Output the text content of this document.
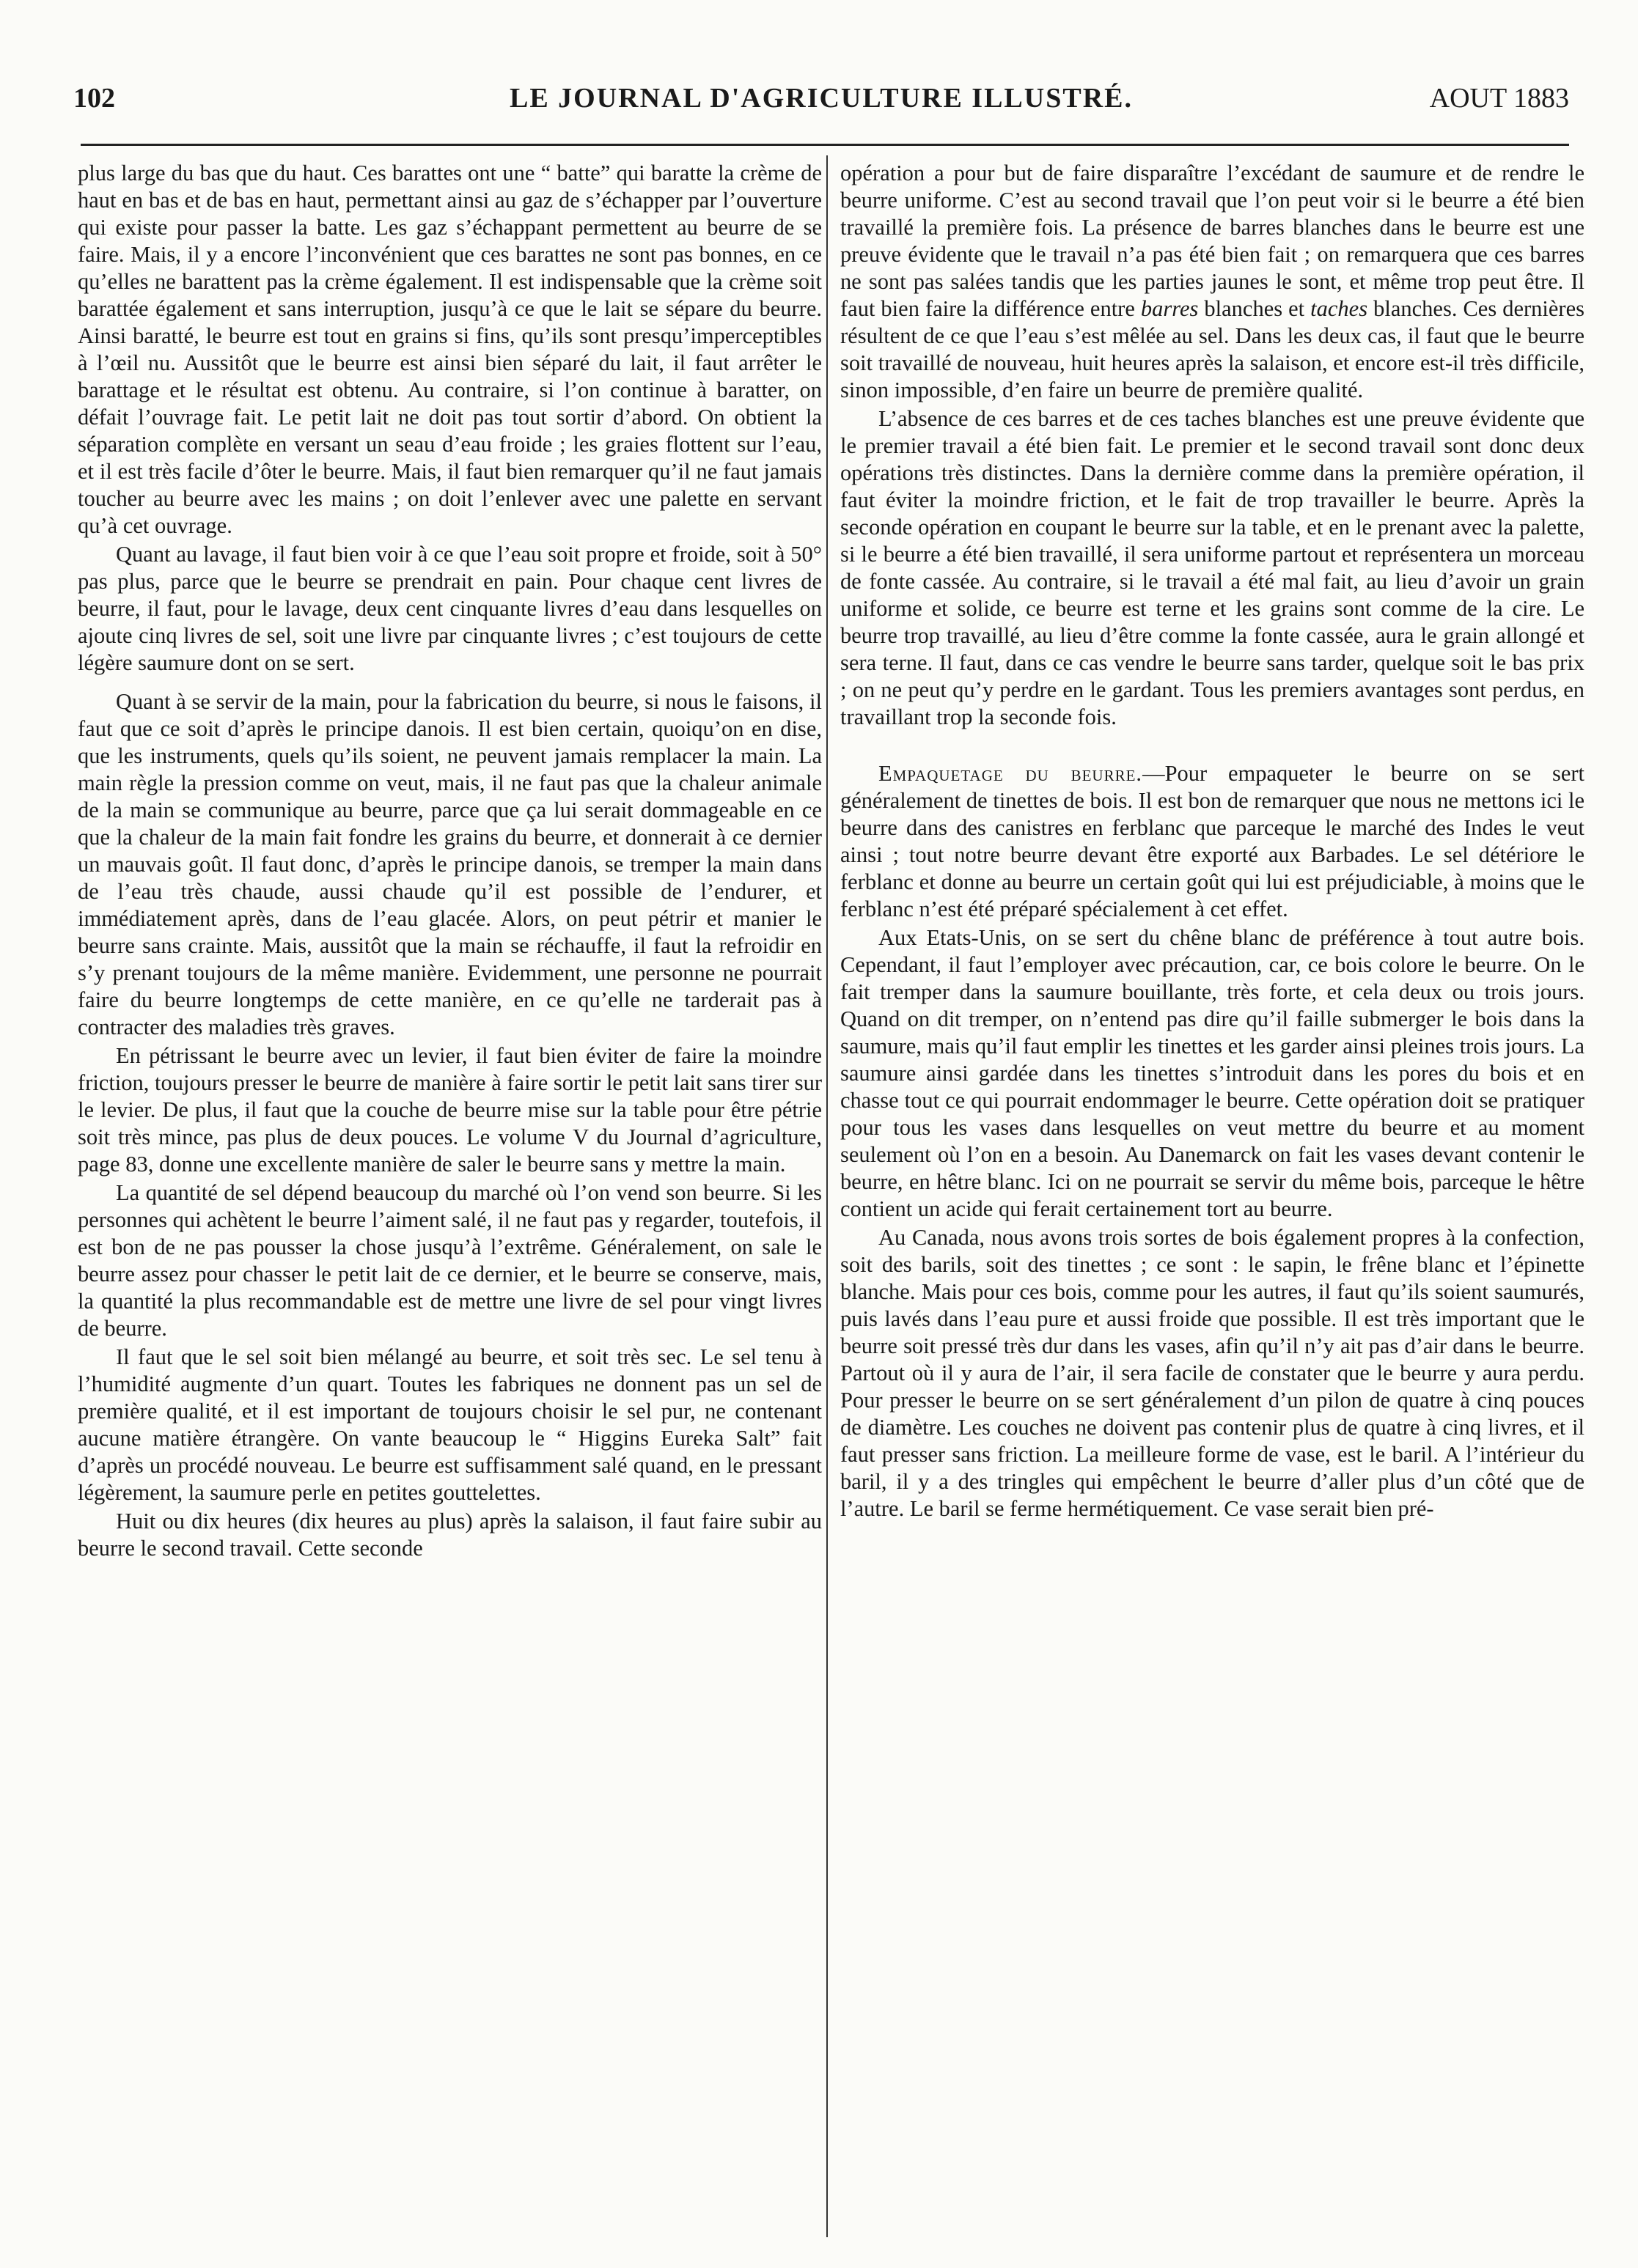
102	LE JOURNAL D'AGRICULTURE ILLUSTRÉ.	AOUT 1883

plus large du bas que du haut. Ces barattes ont une “ batte” qui baratte la crème de haut en bas et de bas en haut, permettant ainsi au gaz de s’échapper par l’ouverture qui existe pour passer la batte. Les gaz s’échappant permettent au beurre de se faire. Mais, il y a encore l’inconvénient que ces barattes ne sont pas bonnes, en ce qu’elles ne barattent pas la crème également. Il est indispensable que la crème soit barattée également et sans interruption, jusqu’à ce que le lait se sépare du beurre. Ainsi baratté, le beurre est tout en grains si fins, qu’ils sont presqu’imperceptibles à l’œil nu. Aussitôt que le beurre est ainsi bien séparé du lait, il faut arrêter le barattage et le résultat est obtenu. Au contraire, si l’on continue à baratter, on défait l’ouvrage fait. Le petit lait ne doit pas tout sortir d’abord. On obtient la séparation complète en versant un seau d’eau froide ; les graies flottent sur l’eau, et il est très facile d’ôter le beurre. Mais, il faut bien remarquer qu’il ne faut jamais toucher au beurre avec les mains ; on doit l’enlever avec une palette en servant qu’à cet ouvrage.

Quant au lavage, il faut bien voir à ce que l’eau soit propre et froide, soit à 50° pas plus, parce que le beurre se prendrait en pain. Pour chaque cent livres de beurre, il faut, pour le lavage, deux cent cinquante livres d’eau dans lesquelles on ajoute cinq livres de sel, soit une livre par cinquante livres ; c’est toujours de cette légère saumure dont on se sert.

Quant à se servir de la main, pour la fabrication du beurre, si nous le faisons, il faut que ce soit d’après le principe danois. Il est bien certain, quoiqu’on en dise, que les instruments, quels qu’ils soient, ne peuvent jamais remplacer la main. La main règle la pression comme on veut, mais, il ne faut pas que la chaleur animale de la main se communique au beurre, parce que ça lui serait dommageable en ce que la chaleur de la main fait fondre les grains du beurre, et donnerait à ce dernier un mauvais goût. Il faut donc, d’après le principe danois, se tremper la main dans de l’eau très chaude, aussi chaude qu’il est possible de l’endurer, et immédiatement après, dans de l’eau glacée. Alors, on peut pétrir et manier le beurre sans crainte. Mais, aussitôt que la main se réchauffe, il faut la refroidir en s’y prenant toujours de la même manière. Evidemment, une personne ne pourrait faire du beurre longtemps de cette manière, en ce qu’elle ne tarderait pas à contracter des maladies très graves.

En pétrissant le beurre avec un levier, il faut bien éviter de faire la moindre friction, toujours presser le beurre de manière à faire sortir le petit lait sans tirer sur le levier. De plus, il faut que la couche de beurre mise sur la table pour être pétrie soit très mince, pas plus de deux pouces. Le volume V du Journal d’agriculture, page 83, donne une excellente manière de saler le beurre sans y mettre la main.

La quantité de sel dépend beaucoup du marché où l’on vend son beurre. Si les personnes qui achètent le beurre l’aiment salé, il ne faut pas y regarder, toutefois, il est bon de ne pas pousser la chose jusqu’à l’extrême. Généralement, on sale le beurre assez pour chasser le petit lait de ce dernier, et le beurre se conserve, mais, la quantité la plus recommandable est de mettre une livre de sel pour vingt livres de beurre.

Il faut que le sel soit bien mélangé au beurre, et soit très sec. Le sel tenu à l’humidité augmente d’un quart. Toutes les fabriques ne donnent pas un sel de première qualité, et il est important de toujours choisir le sel pur, ne contenant aucune matière étrangère. On vante beaucoup le “ Higgins Eureka Salt” fait d’après un procédé nouveau. Le beurre est suffisamment salé quand, en le pressant légèrement, la saumure perle en petites gouttelettes.

Huit ou dix heures (dix heures au plus) après la salaison, il faut faire subir au beurre le second travail. Cette seconde

opération a pour but de faire disparaître l’excédant de saumure et de rendre le beurre uniforme. C’est au second travail que l’on peut voir si le beurre a été bien travaillé la première fois. La présence de barres blanches dans le beurre est une preuve évidente que le travail n’a pas été bien fait ; on remarquera que ces barres ne sont pas salées tandis que les parties jaunes le sont, et même trop peut être. Il faut bien faire la différence entre barres blanches et taches blanches. Ces dernières résultent de ce que l’eau s’est mêlée au sel. Dans les deux cas, il faut que le beurre soit travaillé de nouveau, huit heures après la salaison, et encore est-il très difficile, sinon impossible, d’en faire un beurre de première qualité.

L’absence de ces barres et de ces taches blanches est une preuve évidente que le premier travail a été bien fait. Le premier et le second travail sont donc deux opérations très distinctes. Dans la dernière comme dans la première opération, il faut éviter la moindre friction, et le fait de trop travailler le beurre. Après la seconde opération en coupant le beurre sur la table, et en le prenant avec la palette, si le beurre a été bien travaillé, il sera uniforme partout et représentera un morceau de fonte cassée. Au contraire, si le travail a été mal fait, au lieu d’avoir un grain uniforme et solide, ce beurre est terne et les grains sont comme de la cire. Le beurre trop travaillé, au lieu d’être comme la fonte cassée, aura le grain allongé et sera terne. Il faut, dans ce cas vendre le beurre sans tarder, quelque soit le bas prix ; on ne peut qu’y perdre en le gardant. Tous les premiers avantages sont perdus, en travaillant trop la seconde fois.

Empaquetage du beurre.—Pour empaqueter le beurre on se sert généralement de tinettes de bois. Il est bon de remarquer que nous ne mettons ici le beurre dans des canistres en ferblanc que parceque le marché des Indes le veut ainsi ; tout notre beurre devant être exporté aux Barbades. Le sel détériore le ferblanc et donne au beurre un certain goût qui lui est préjudiciable, à moins que le ferblanc n’est été préparé spécialement à cet effet.

Aux Etats-Unis, on se sert du chêne blanc de préférence à tout autre bois. Cependant, il faut l’employer avec précaution, car, ce bois colore le beurre. On le fait tremper dans la saumure bouillante, très forte, et cela deux ou trois jours. Quand on dit tremper, on n’entend pas dire qu’il faille submerger le bois dans la saumure, mais qu’il faut emplir les tinettes et les garder ainsi pleines trois jours. La saumure ainsi gardée dans les tinettes s’introduit dans les pores du bois et en chasse tout ce qui pourrait endommager le beurre. Cette opération doit se pratiquer pour tous les vases dans lesquelles on veut mettre du beurre et au moment seulement où l’on en a besoin. Au Danemarck on fait les vases devant contenir le beurre, en hêtre blanc. Ici on ne pourrait se servir du même bois, parceque le hêtre contient un acide qui ferait certainement tort au beurre.

Au Canada, nous avons trois sortes de bois également propres à la confection, soit des barils, soit des tinettes ; ce sont : le sapin, le frêne blanc et l’épinette blanche. Mais pour ces bois, comme pour les autres, il faut qu’ils soient saumurés, puis lavés dans l’eau pure et aussi froide que possible. Il est très important que le beurre soit pressé très dur dans les vases, afin qu’il n’y ait pas d’air dans le beurre. Partout où il y aura de l’air, il sera facile de constater que le beurre y aura perdu. Pour presser le beurre on se sert généralement d’un pilon de quatre à cinq pouces de diamètre. Les couches ne doivent pas contenir plus de quatre à cinq livres, et il faut presser sans friction. La meilleure forme de vase, est le baril. A l’intérieur du baril, il y a des tringles qui empêchent le beurre d’aller plus d’un côté que de l’autre. Le baril se ferme hermétiquement. Ce vase serait bien pré-
